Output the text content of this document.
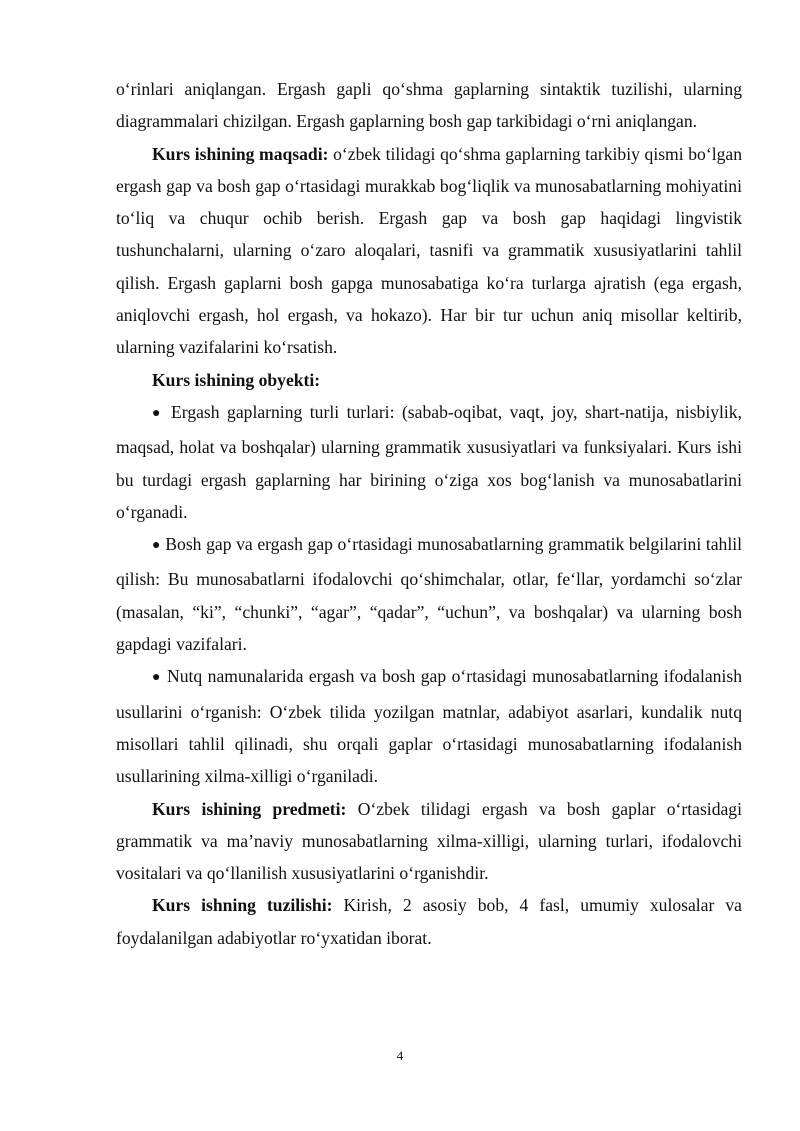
o‘rinlari aniqlangan. Ergash gapli qo‘shma gaplarning sintaktik tuzilishi, ularning diagrammalari chizilgan. Ergash gaplarning bosh gap tarkibidagi o‘rni aniqlangan.

Kurs ishining maqsadi: o‘zbek tilidagi qo‘shma gaplarning tarkibiy qismi bo‘lgan ergash gap va bosh gap o‘rtasidagi murakkab bog‘liqlik va munosabatlarning mohiyatini to‘liq va chuqur ochib berish. Ergash gap va bosh gap haqidagi lingvistik tushunchalarni, ularning o‘zaro aloqalari, tasnifi va grammatik xususiyatlarini tahlil qilish. Ergash gaplarni bosh gapga munosabatiga ko‘ra turlarga ajratish (ega ergash, aniqlovchi ergash, hol ergash, va hokazo). Har bir tur uchun aniq misollar keltirib, ularning vazifalarini ko‘rsatish.

Kurs ishining obyekti:

● Ergash gaplarning turli turlari: (sabab-oqibat, vaqt, joy, shart-natija, nisbiylik, maqsad, holat va boshqalar) ularning grammatik xususiyatlari va funksiyalari. Kurs ishi bu turdagi ergash gaplarning har birining o‘ziga xos bog‘lanish va munosabatlarini o‘rganadi.

● Bosh gap va ergash gap o‘rtasidagi munosabatlarning grammatik belgilarini tahlil qilish: Bu munosabatlarni ifodalovchi qo‘shimchalar, otlar, fe‘llar, yordamchi so‘zlar (masalan, “ki”, “chunki”, “agar”, “qadar”, “uchun”, va boshqalar) va ularning bosh gapdagi vazifalari.

● Nutq namunalarida ergash va bosh gap o‘rtasidagi munosabatlarning ifodalanish usullarini o‘rganish: O‘zbek tilida yozilgan matnlar, adabiyot asarlari, kundalik nutq misollari tahlil qilinadi, shu orqali gaplar o‘rtasidagi munosabatlarning ifodalanish usullarining xilma-xilligi o‘rganiladi.

Kurs ishining predmeti: O‘zbek tilidagi ergash va bosh gaplar o‘rtasidagi grammatik va ma’naviy munosabatlarning xilma-xilligi, ularning turlari, ifodalovchi vositalari va qo‘llanilish xususiyatlarini o‘rganishdir.

Kurs ishning tuzilishi: Kirish, 2 asosiy bob, 4 fasl, umumiy xulosalar va foydalanilgan adabiyotlar ro‘yxatidan iborat.

4
